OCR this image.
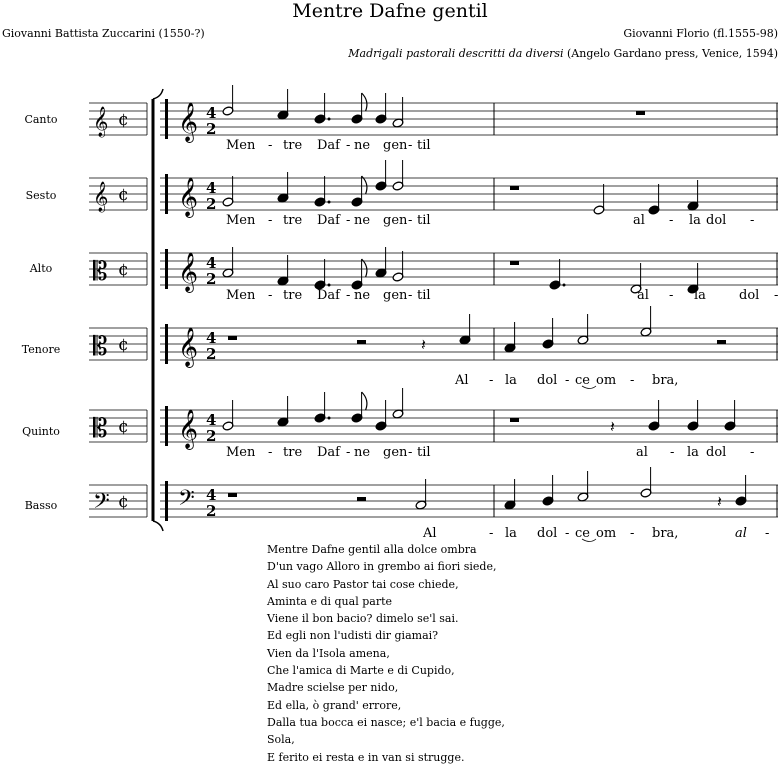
Mentre Dafne gentil
Giovanni Battista Zuccarini (1550-?)	Giovanni Florio (fl.1555-98)
Madrigali pastorali descritti da diversi (Angelo Gardano press, Venice, 1594)
Canto
Sesto
Alto
Tenore
Quinto
Basso
𝄞 ¢ 𝄞 4
2
𝄞 ¢ 𝄞 4
2
𝄡 ¢ 𝄞 4
2
𝄡 ¢ 𝄞 4
2
𝄡 ¢ 𝄞 4
2
𝄢 ¢ 𝄢 4
2
𝄽
𝄽
𝄽
Men - tre Daf - ne gen - til
Men - tre Daf - ne gen - til	al - la dol -
Men - tre Daf - ne gen - til	al - la	dol -
Al - la dol - ce om - bra,
Men - tre Daf - ne gen - til	al - la dol -
Al	- la dol - ce om - bra,	al -
Mentre Dafne gentil alla dolce ombra
D'un vago Alloro in grembo ai fiori siede,
Al suo caro Pastor tai cose chiede,
Aminta e di qual parte
Viene il bon bacio? dimelo se'l sai.
Ed egli non l'udisti dir giamai?
Vien da l'Isola amena,
Che l'amica di Marte e di Cupido,
Madre scielse per nido,
Ed ella, ò grand' errore,
Dalla tua bocca ei nasce; e'l bacia e fugge,
Sola,
E ferito ei resta e in van si strugge.
